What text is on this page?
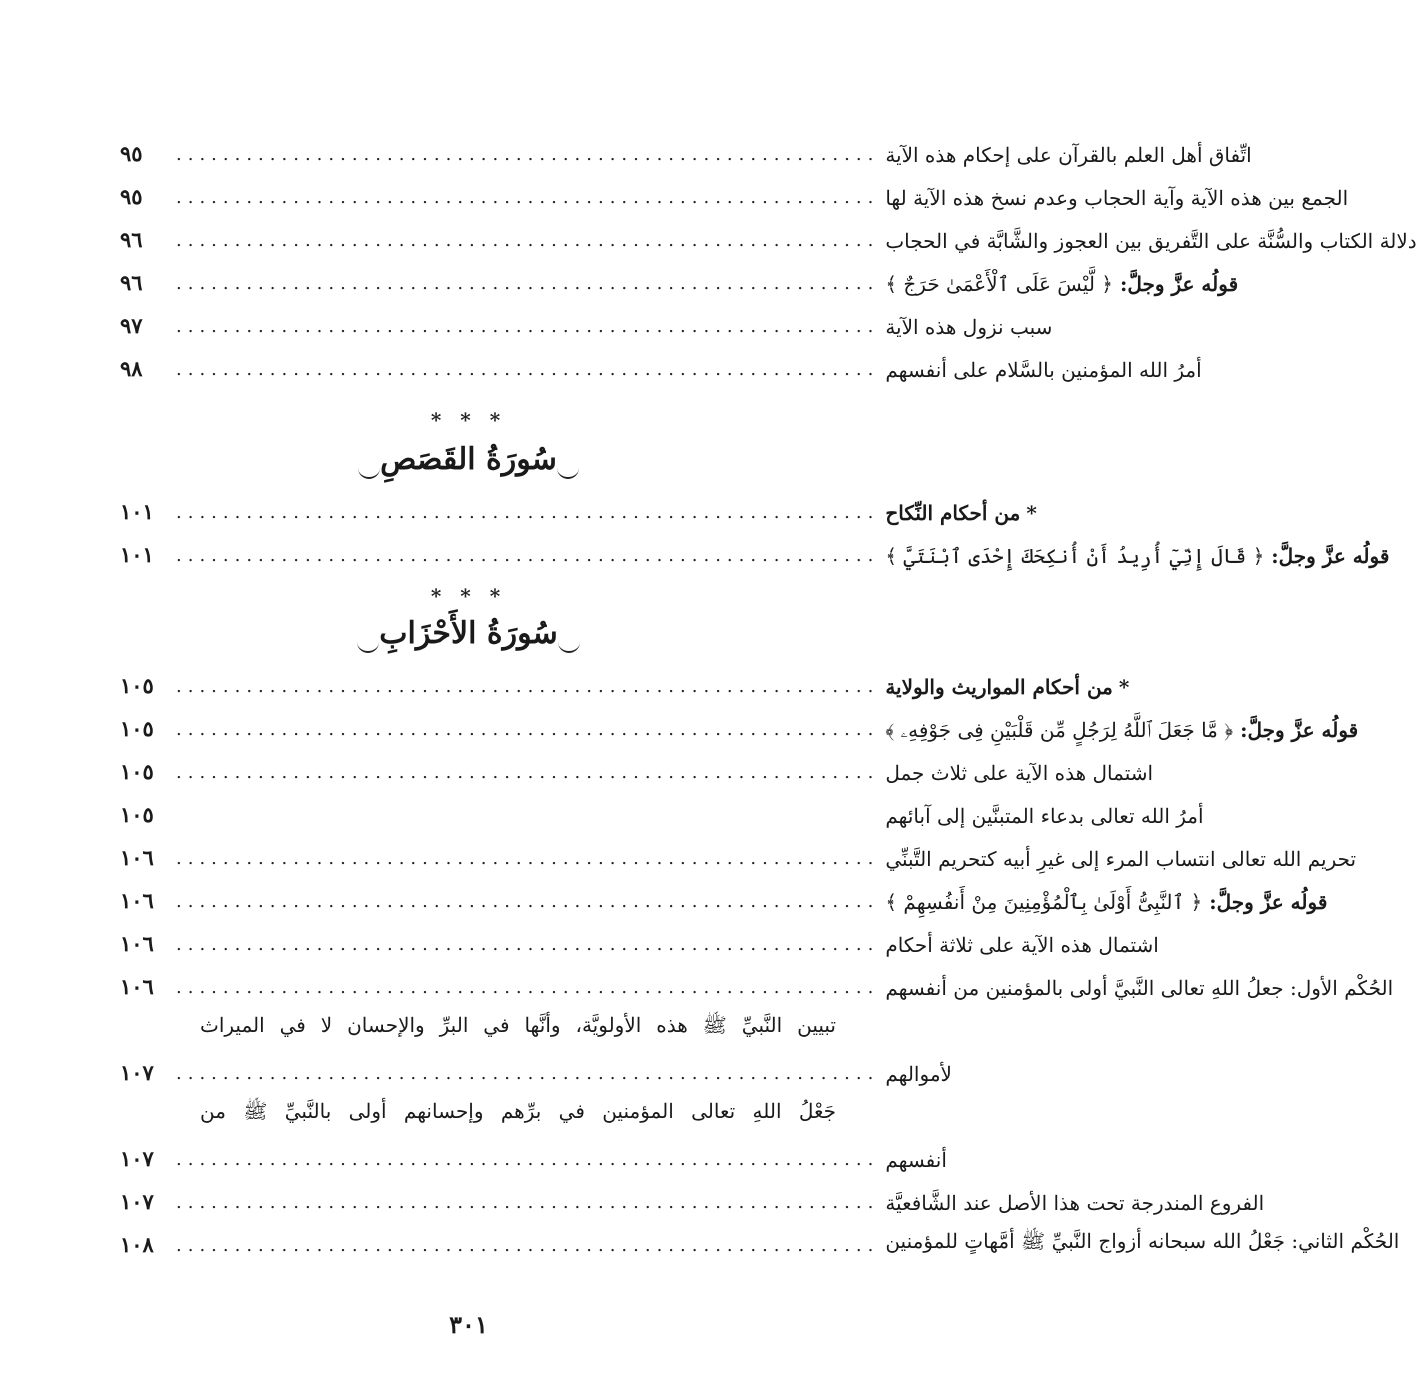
٩٥	............................................................ اتِّفاق أهل العلم بالقرآن على إحكام هذه الآية
٩٥	............................................................ الجمع بين هذه الآية وآية الحجاب وعدم نسخ هذه الآية لها
٩٦	............................................................ دلالة الكتاب والسُّنَّة على التَّفريق بين العجوز والشَّابَّة في الحجاب
٩٦	............................................................	قولُه عزَّ وجلَّ: ﴿ لَّيْسَ عَلَى ٱلْأَعْمَىٰ حَرَجٌ ﴾
٩٧	............................................................ سبب نزول هذه الآية
٩٨	............................................................ أمرُ الله المؤمنين بالسَّلام على أنفسهم
* * *
سُورَةُ القَصَصِ
١٠١	............................................................	*من أحكام النِّكاح
١٠١	............................................................	قولُه عزَّ وجلَّ: ﴿ قَالَ إِنِّيٓ أُرِيدُ أَنْ أُنكِحَكَ إِحْدَى ٱبْنَتَيَّ ﴾
* * *
سُورَةُ الأَحْزَابِ
١٠٥	............................................................	*من أحكام المواريث والولاية
١٠٥	............................................................	قولُه عزَّ وجلَّ: ﴿ مَّا جَعَلَ ٱللَّهُ لِرَجُلٍ مِّن قَلْبَيْنِ فِى جَوْفِهِۦ ﴾
١٠٥	............................................................ اشتمال هذه الآية على ثلاث جمل
١٠٥	أمرُ الله تعالى بدعاء المتبنَّين إلى آبائهم
١٠٦	............................................................ تحريم الله تعالى انتساب المرء إلى غيرِ أبيه كتحريم التَّبنِّي
١٠٦	............................................................	قولُه عزَّ وجلَّ: ﴿ ٱلنَّبِىُّ أَوْلَىٰ بِٱلْمُؤْمِنِينَ مِنْ أَنفُسِهِمْ ﴾
١٠٦	............................................................ اشتمال هذه الآية على ثلاثة أحكام
١٠٦	............................................................ الحُكْم الأول: جعلُ اللهِ تعالى النَّبيَّ أولى بالمؤمنين من أنفسهم
تبيين النَّبيِّ ﷺ هذه الأولويَّة، وأنَّها في البرِّ والإحسان لا في الميراث
١٠٧	............................................................ لأموالهم
جَعْلُ اللهِ تعالى المؤمنين في برِّهم وإحسانهم أولى بالنَّبيِّ ﷺ من
١٠٧	............................................................ أنفسهم
١٠٧	............................................................ الفروع المندرجة تحت هذا الأصل عند الشَّافعيَّة
١٠٨	............................................................ الحُكْم الثاني: جَعْلُ الله سبحانه أزواج النَّبيِّ ﷺ أمَّهاتٍ للمؤمنين
٣٠١
